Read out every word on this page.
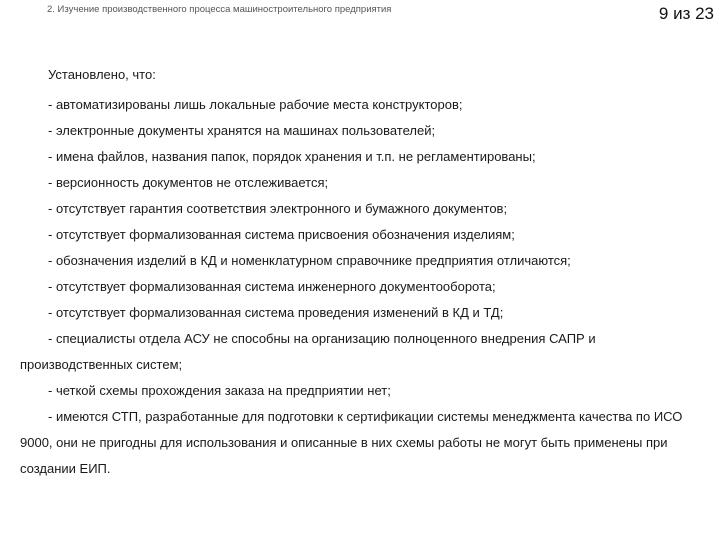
2. Изучение производственного процесса машиностроительного предприятия	9 из 23

Установлено, что:

- автоматизированы лишь локальные рабочие места конструкторов;

- электронные документы хранятся на машинах пользователей;

- имена файлов, названия папок, порядок хранения и т.п. не регламентированы;

- версионность документов не отслеживается;

- отсутствует гарантия соответствия электронного и бумажного документов;

- отсутствует формализованная система присвоения обозначения изделиям;

- обозначения изделий в КД и номенклатурном справочнике предприятия отличаются;

- отсутствует формализованная система инженерного документооборота;

- отсутствует формализованная система проведения изменений в КД и ТД;

- специалисты отдела АСУ не способны на организацию полноценного внедрения САПР и производственных систем;

- четкой схемы прохождения заказа на предприятии нет;

- имеются СТП, разработанные для подготовки к сертификации системы менеджмента качества по ИСО 9000, они не пригодны для использования и описанные в них схемы работы не могут быть применены при создании ЕИП.
